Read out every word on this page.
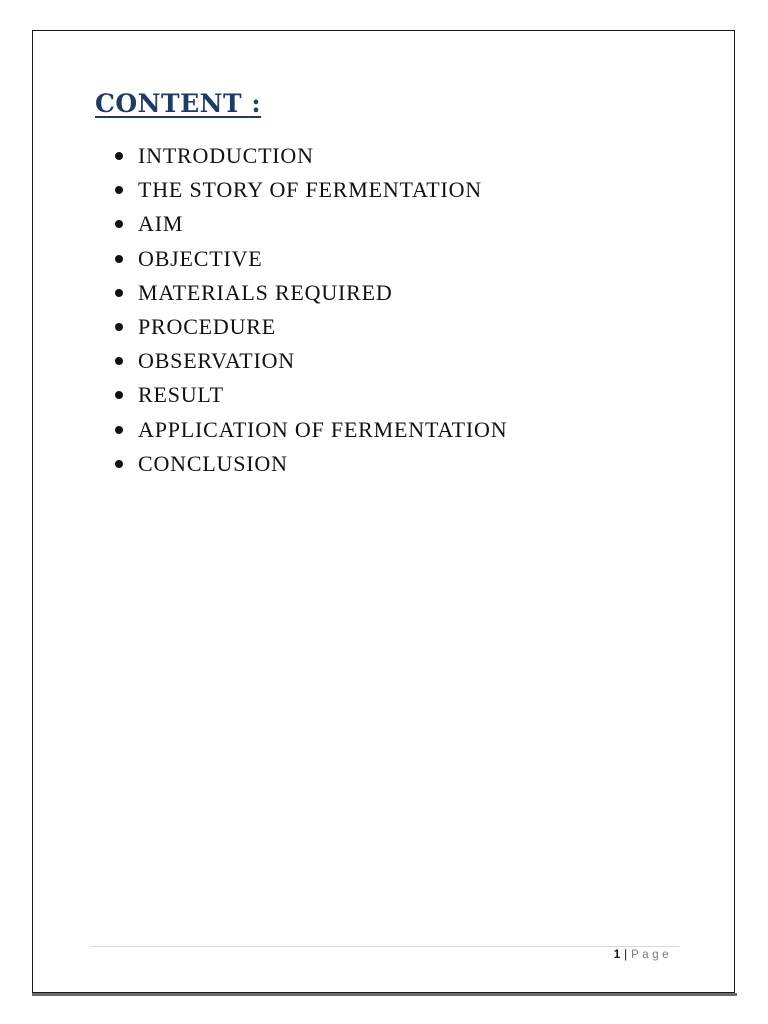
CONTENT :
INTRODUCTION
THE STORY OF FERMENTATION
AIM
OBJECTIVE
MATERIALS REQUIRED
PROCEDURE
OBSERVATION
RESULT
APPLICATION OF FERMENTATION
CONCLUSION
1 | Page
